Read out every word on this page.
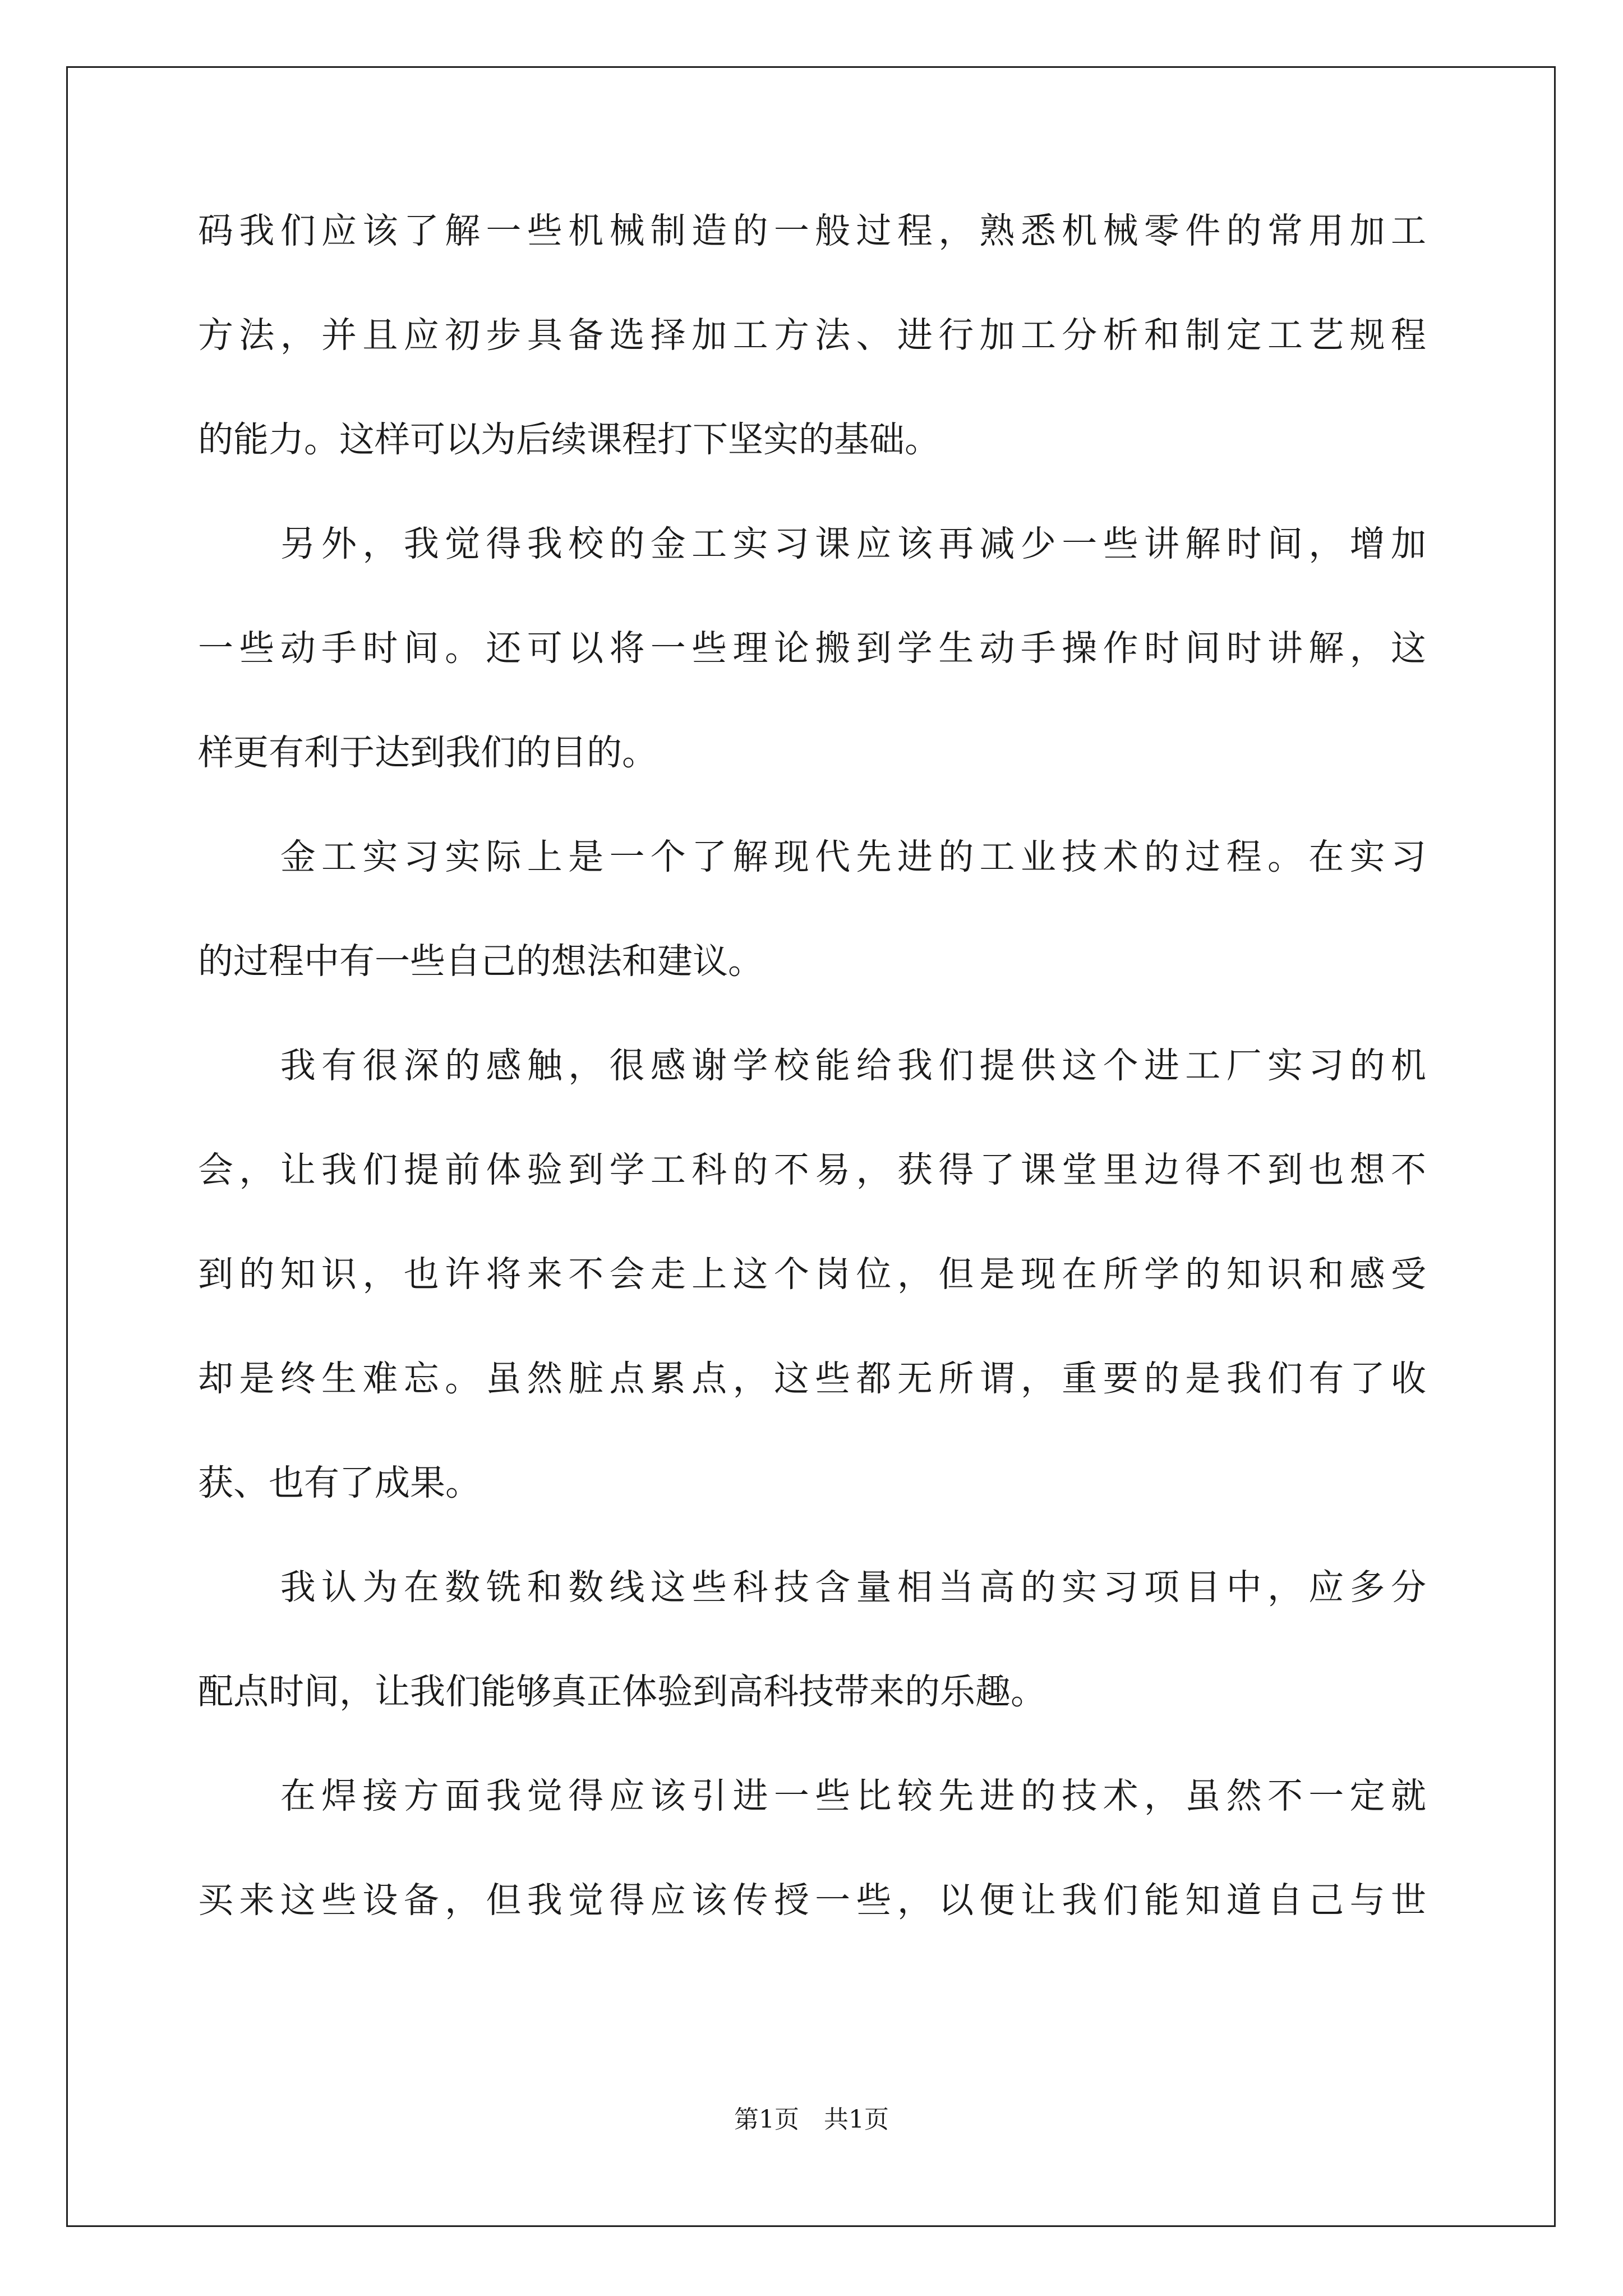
码我们应该了解一些机械制造的一般过程，熟悉机械零件的常用加工
方法，并且应初步具备选择加工方法、进行加工分析和制定工艺规程
的能力。这样可以为后续课程打下坚实的基础。
　　另外，我觉得我校的金工实习课应该再减少一些讲解时间，增加
一些动手时间。还可以将一些理论搬到学生动手操作时间时讲解，这
样更有利于达到我们的目的。
　　金工实习实际上是一个了解现代先进的工业技术的过程。在实习
的过程中有一些自己的想法和建议。
　　我有很深的感触，很感谢学校能给我们提供这个进工厂实习的机
会，让我们提前体验到学工科的不易，获得了课堂里边得不到也想不
到的知识，也许将来不会走上这个岗位，但是现在所学的知识和感受
却是终生难忘。虽然脏点累点，这些都无所谓，重要的是我们有了收
获、也有了成果。
　　我认为在数铣和数线这些科技含量相当高的实习项目中，应多分
配点时间，让我们能够真正体验到高科技带来的乐趣。
　　在焊接方面我觉得应该引进一些比较先进的技术，虽然不一定就
买来这些设备，但我觉得应该传授一些，以便让我们能知道自己与世
第1页　共1页
